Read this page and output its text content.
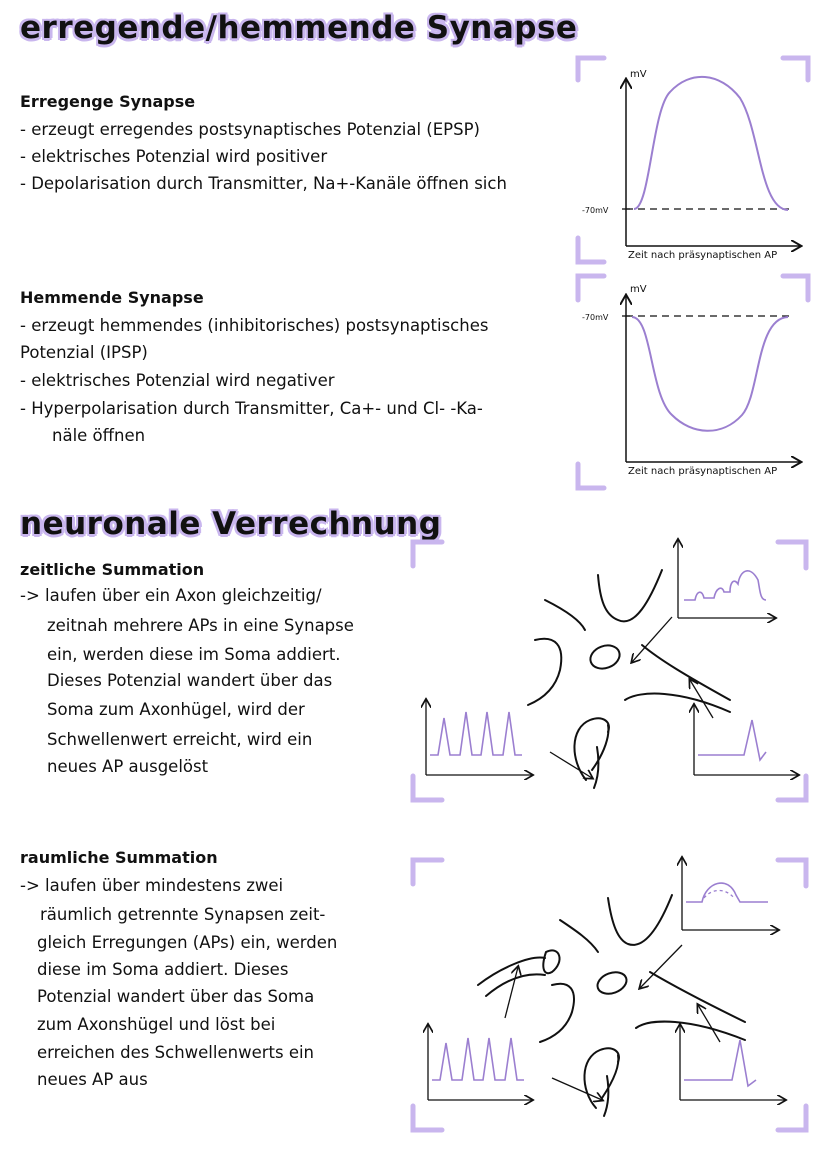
erregende/hemmende Synapse
Erregenge Synapse
- erzeugt erregendes postsynaptisches Potenzial (EPSP)
- elektrisches Potenzial wird positiver
- Depolarisation durch Transmitter, Na+-Kanäle öffnen sich
Hemmende Synapse
- erzeugt hemmendes (inhibitorisches) postsynaptisches
Potenzial (IPSP)
- elektrisches Potenzial wird negativer
- Hyperpolarisation durch Transmitter, Ca+- und Cl- -Ka-
näle öffnen
neuronale Verrechnung
zeitliche Summation
-> laufen über ein Axon gleichzeitig/
zeitnah mehrere APs in eine Synapse
ein, werden diese im Soma addiert.
Dieses Potenzial wandert über das
Soma zum Axonhügel, wird der
Schwellenwert erreicht, wird ein
neues AP ausgelöst
raumliche Summation
-> laufen über mindestens zwei
räumlich getrennte Synapsen zeit-
gleich Erregungen (APs) ein, werden
diese im Soma addiert. Dieses
Potenzial wandert über das Soma
zum Axonshügel und löst bei
erreichen des Schwellenwerts ein
neues AP aus
mV
-70mV
Zeit nach präsynaptischen AP
mV
-70mV
Zeit nach präsynaptischen AP
